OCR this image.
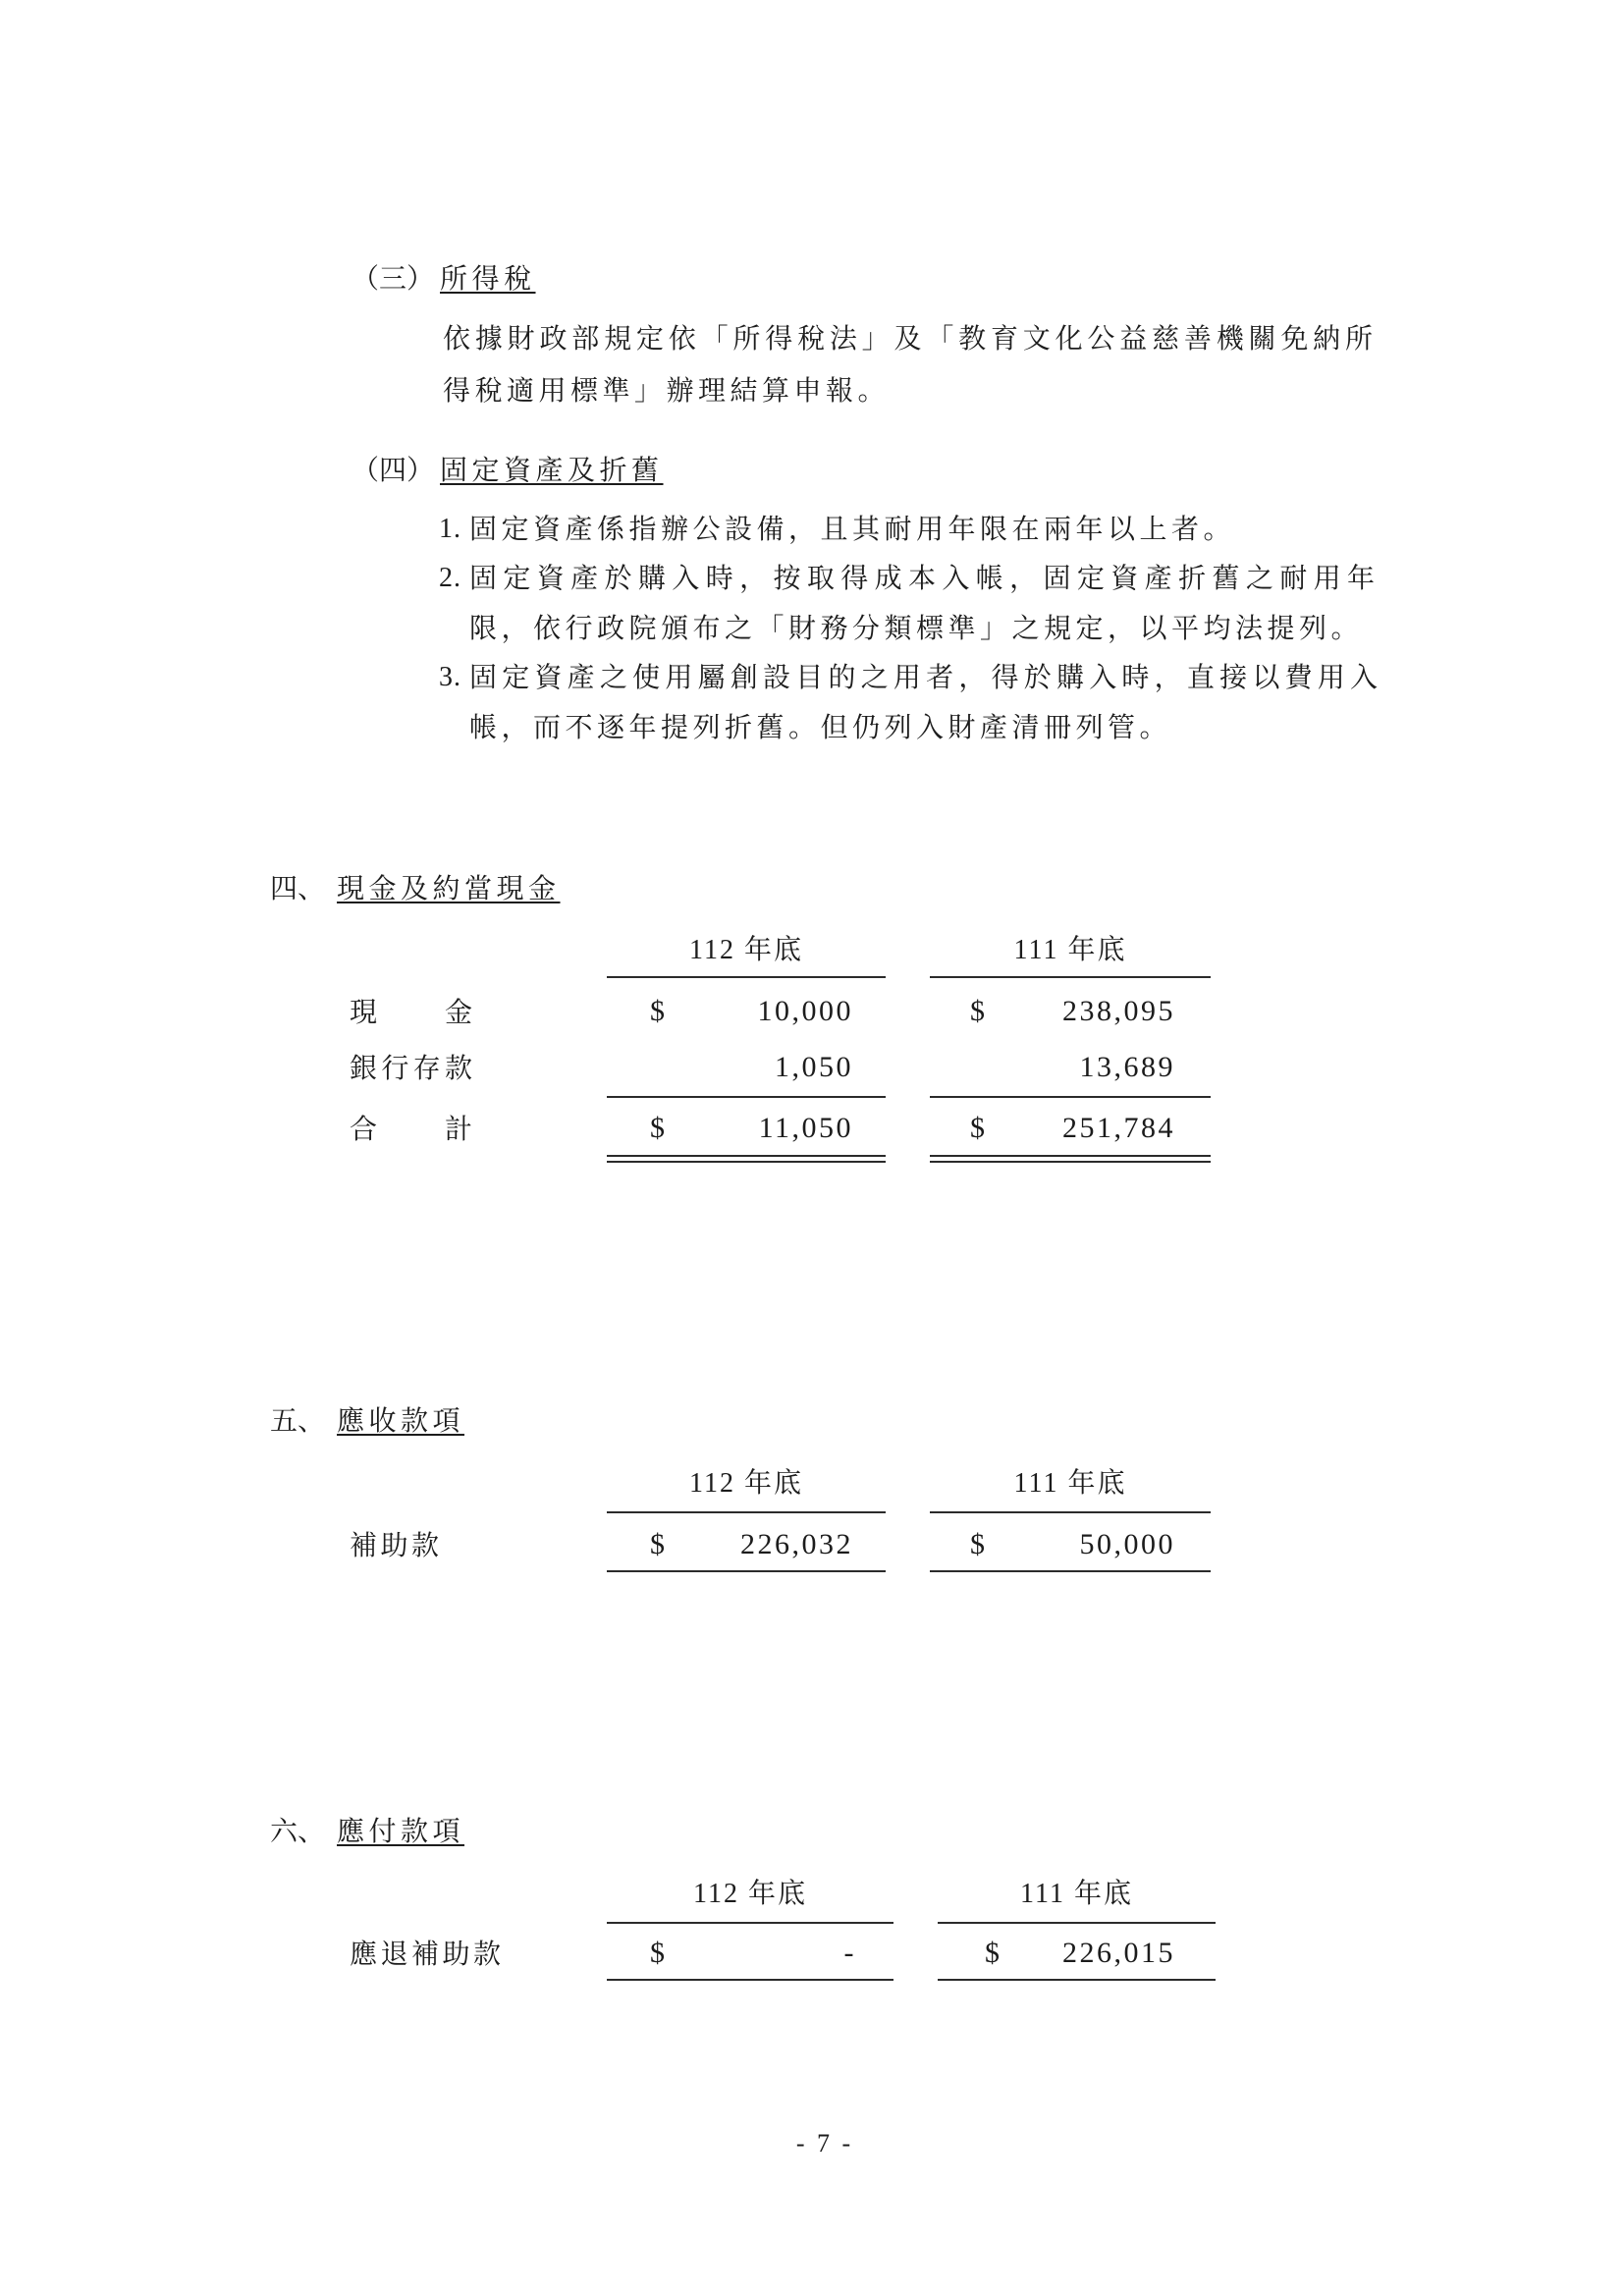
（三） 所得稅
依據財政部規定依「所得稅法」及「教育文化公益慈善機關免納所
得稅適用標準」辦理結算申報。
（四） 固定資產及折舊
1. 固定資產係指辦公設備，且其耐用年限在兩年以上者。
2. 固定資產於購入時，按取得成本入帳，固定資產折舊之耐用年
限，依行政院頒布之「財務分類標準」之規定，以平均法提列。
3. 固定資產之使用屬創設目的之用者，得於購入時，直接以費用入
帳，而不逐年提列折舊。但仍列入財產清冊列管。
四、 現金及約當現金
112 年底	111 年底
現金	$	10,000	$	238,095
銀行存款	1,050	13,689
合計	$	11,050	$	251,784
五、 應收款項
112 年底	111 年底
補助款	$	226,032	$	50,000
六、 應付款項
112 年底	111 年底
應退補助款	$	-	$	226,015
- 7 -
